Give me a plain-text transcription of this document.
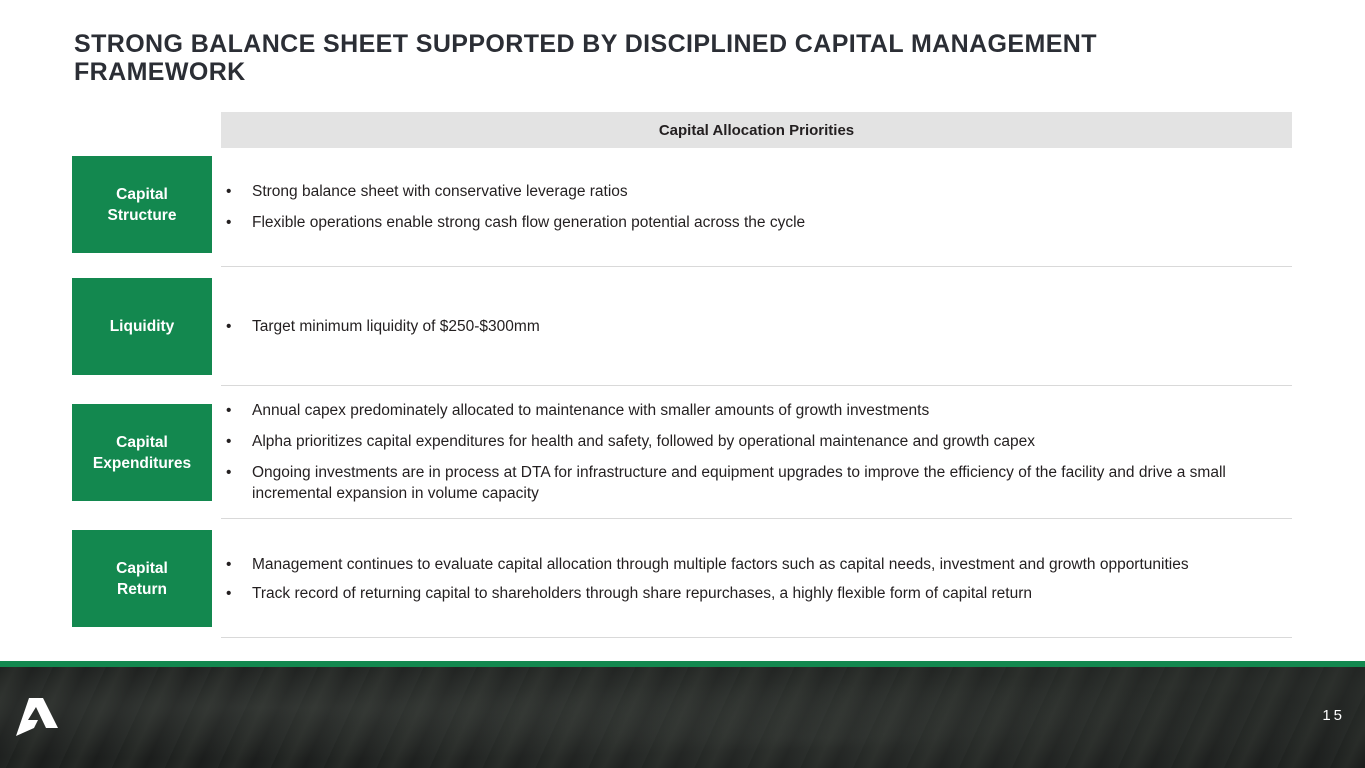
STRONG BALANCE SHEET SUPPORTED BY DISCIPLINED CAPITAL MANAGEMENT FRAMEWORK
Capital Allocation Priorities
Capital
Structure
• Strong balance sheet with conservative leverage ratios
• Flexible operations enable strong cash flow generation potential across the cycle
Liquidity
•	Target minimum liquidity of $250-$300mm
Capital
Expenditures
• Annual capex predominately allocated to maintenance with smaller amounts of growth investments
• Alpha prioritizes capital expenditures for health and safety, followed by operational maintenance and growth capex
• Ongoing investments are in process at DTA for infrastructure and equipment upgrades to improve the efficiency of the facility and drive a small incremental expansion in volume capacity
Capital
Return
• Management continues to evaluate capital allocation through multiple factors such as capital needs, investment and growth opportunities
• Track record of returning capital to shareholders through share repurchases, a highly flexible form of capital return
15
